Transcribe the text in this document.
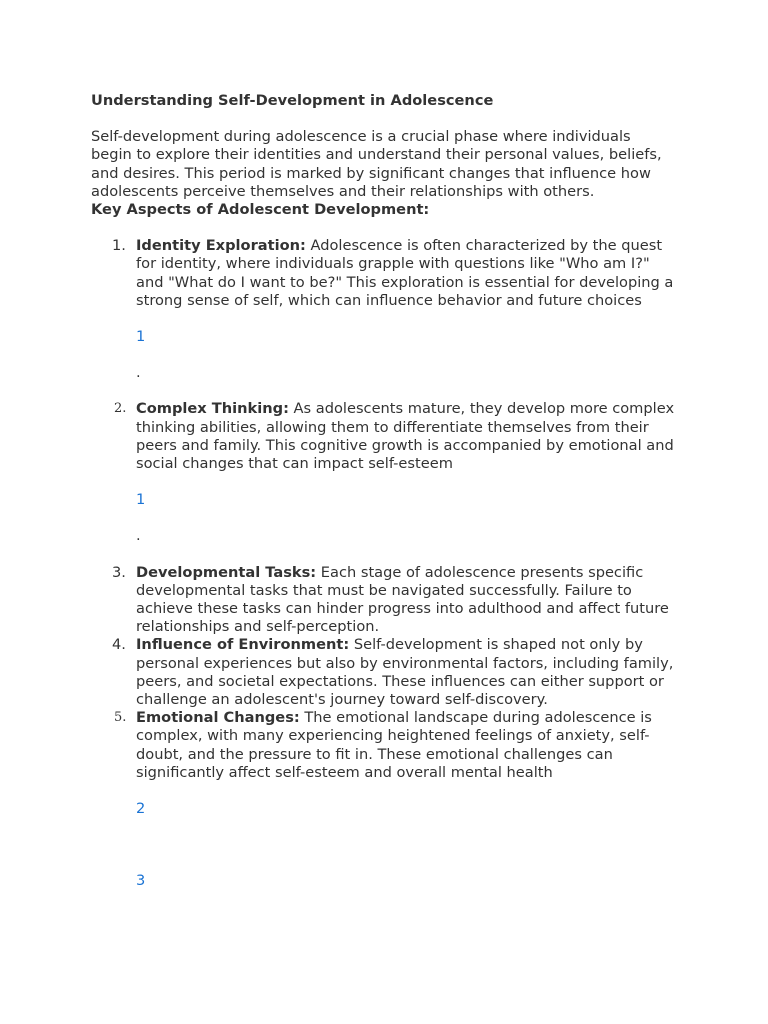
Understanding Self-Development in Adolescence

Self-development during adolescence is a crucial phase where individuals begin to explore their identities and understand their personal values, beliefs, and desires. This period is marked by significant changes that influence how adolescents perceive themselves and their relationships with others.

Key Aspects of Adolescent Development:
1. Identity Exploration: Adolescence is often characterized by the quest for identity, where individuals grapple with questions like "Who am I?" and "What do I want to be?" This exploration is essential for developing a strong sense of self, which can influence behavior and future choices
1
.
2. Complex Thinking: As adolescents mature, they develop more complex thinking abilities, allowing them to differentiate themselves from their peers and family. This cognitive growth is accompanied by emotional and social changes that can impact self-esteem
1
.
3. Developmental Tasks: Each stage of adolescence presents specific developmental tasks that must be navigated successfully. Failure to achieve these tasks can hinder progress into adulthood and affect future relationships and self-perception.
4. Influence of Environment: Self-development is shaped not only by personal experiences but also by environmental factors, including family, peers, and societal expectations. These influences can either support or challenge an adolescent's journey toward self-discovery.
5. Emotional Changes: The emotional landscape during adolescence is complex, with many experiencing heightened feelings of anxiety, self-doubt, and the pressure to fit in. These emotional challenges can significantly affect self-esteem and overall mental health
2
3
